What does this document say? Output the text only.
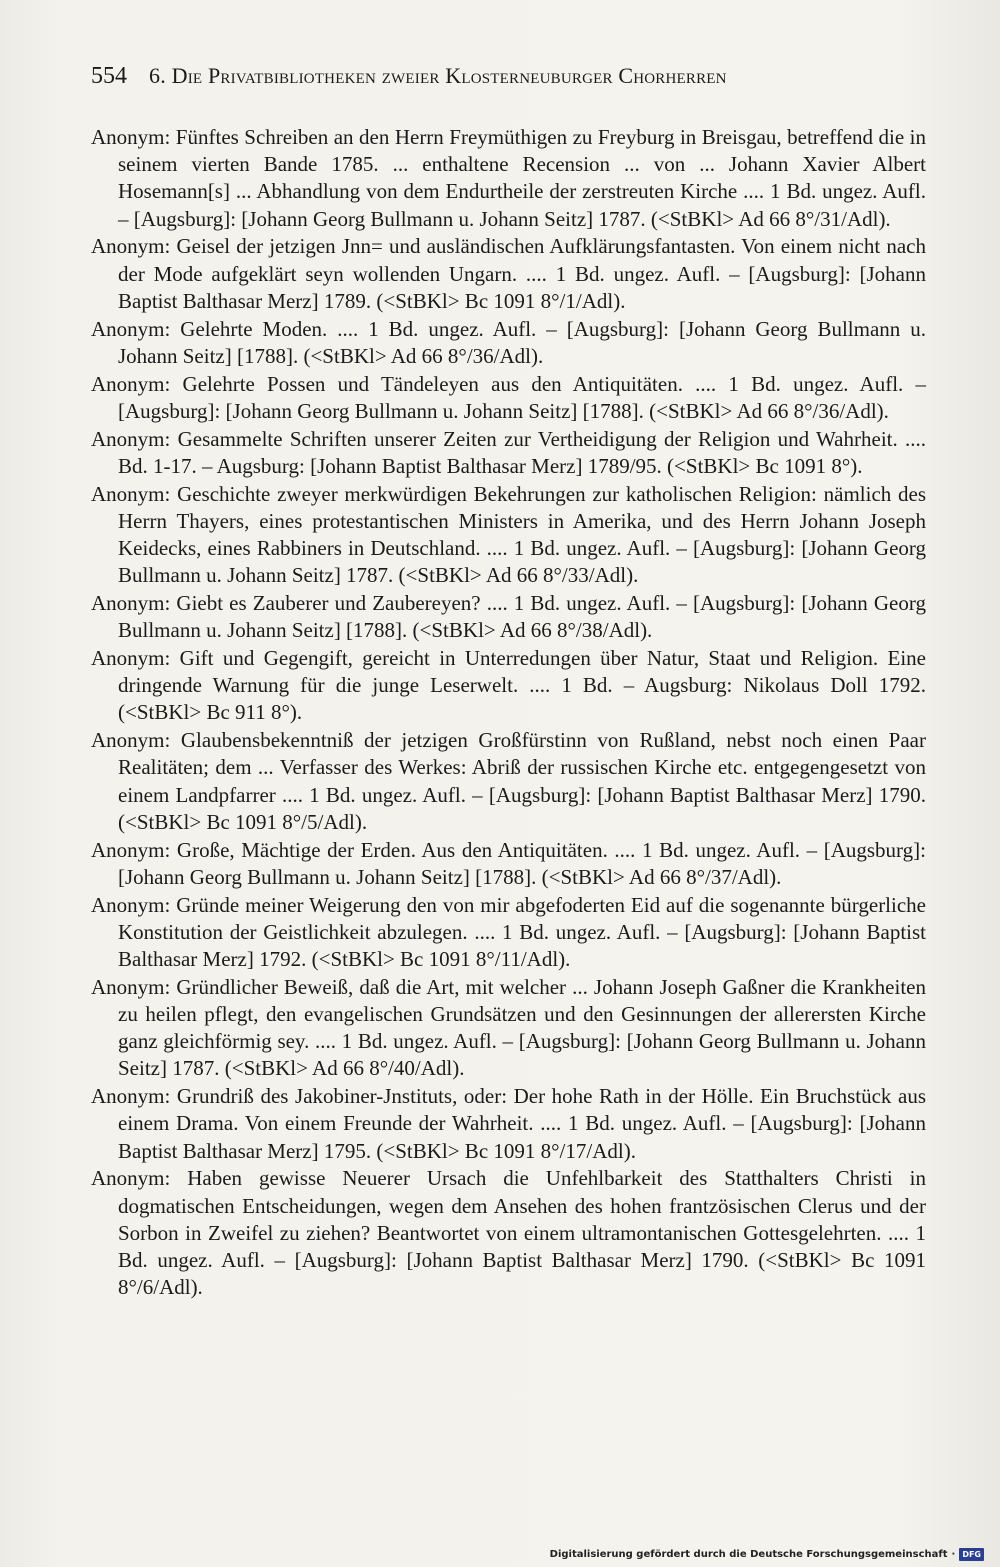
554 6. Die Privatbibliotheken zweier Klosterneuburger Chorherren
Anonym: Fünftes Schreiben an den Herrn Freymüthigen zu Freyburg in Breisgau, betreffend die in seinem vierten Bande 1785. ... enthaltene Recension ... von ... Johann Xavier Albert Hosemann[s] ... Abhandlung von dem Endurtheile der zerstreuten Kirche .... 1 Bd. ungez. Aufl. – [Augsburg]: [Johann Georg Bullmann u. Johann Seitz] 1787. (<StBKl> Ad 66 8°/31/Adl).
Anonym: Geisel der jetzigen Jnn= und ausländischen Aufklärungsfantasten. Von einem nicht nach der Mode aufgeklärt seyn wollenden Ungarn. .... 1 Bd. ungez. Aufl. – [Augsburg]: [Johann Baptist Balthasar Merz] 1789. (<StBKl> Bc 1091 8°/1/Adl).
Anonym: Gelehrte Moden. .... 1 Bd. ungez. Aufl. – [Augsburg]: [Johann Georg Bullmann u. Johann Seitz] [1788]. (<StBKl> Ad 66 8°/36/Adl).
Anonym: Gelehrte Possen und Tändeleyen aus den Antiquitäten. .... 1 Bd. ungez. Aufl. – [Augsburg]: [Johann Georg Bullmann u. Johann Seitz] [1788]. (<StBKl> Ad 66 8°/36/Adl).
Anonym: Gesammelte Schriften unserer Zeiten zur Vertheidigung der Religion und Wahrheit. .... Bd. 1-17. – Augsburg: [Johann Baptist Balthasar Merz] 1789/95. (<StBKl> Bc 1091 8°).
Anonym: Geschichte zweyer merkwürdigen Bekehrungen zur katholischen Religion: nämlich des Herrn Thayers, eines protestantischen Ministers in Amerika, und des Herrn Johann Joseph Keidecks, eines Rabbiners in Deutschland. .... 1 Bd. ungez. Aufl. – [Augsburg]: [Johann Georg Bullmann u. Johann Seitz] 1787. (<StBKl> Ad 66 8°/33/Adl).
Anonym: Giebt es Zauberer und Zaubereyen? .... 1 Bd. ungez. Aufl. – [Augsburg]: [Johann Georg Bullmann u. Johann Seitz] [1788]. (<StBKl> Ad 66 8°/38/Adl).
Anonym: Gift und Gegengift, gereicht in Unterredungen über Natur, Staat und Religion. Eine dringende Warnung für die junge Leserwelt. .... 1 Bd. – Augsburg: Nikolaus Doll 1792. (<StBKl> Bc 911 8°).
Anonym: Glaubensbekenntniß der jetzigen Großfürstinn von Rußland, nebst noch einen Paar Realitäten; dem ... Verfasser des Werkes: Abriß der russischen Kirche etc. entgegengesetzt von einem Landpfarrer .... 1 Bd. ungez. Aufl. – [Augsburg]: [Johann Baptist Balthasar Merz] 1790. (<StBKl> Bc 1091 8°/5/Adl).
Anonym: Große, Mächtige der Erden. Aus den Antiquitäten. .... 1 Bd. ungez. Aufl. – [Augsburg]: [Johann Georg Bullmann u. Johann Seitz] [1788]. (<StBKl> Ad 66 8°/37/Adl).
Anonym: Gründe meiner Weigerung den von mir abgefoderten Eid auf die sogenannte bürgerliche Konstitution der Geistlichkeit abzulegen. .... 1 Bd. ungez. Aufl. – [Augsburg]: [Johann Baptist Balthasar Merz] 1792. (<StBKl> Bc 1091 8°/11/Adl).
Anonym: Gründlicher Beweiß, daß die Art, mit welcher ... Johann Joseph Gaßner die Krankheiten zu heilen pflegt, den evangelischen Grundsätzen und den Gesinnungen der allerersten Kirche ganz gleichförmig sey. .... 1 Bd. ungez. Aufl. – [Augsburg]: [Johann Georg Bullmann u. Johann Seitz] 1787. (<StBKl> Ad 66 8°/40/Adl).
Anonym: Grundriß des Jakobiner-Jnstituts, oder: Der hohe Rath in der Hölle. Ein Bruchstück aus einem Drama. Von einem Freunde der Wahrheit. .... 1 Bd. ungez. Aufl. – [Augsburg]: [Johann Baptist Balthasar Merz] 1795. (<StBKl> Bc 1091 8°/17/Adl).
Anonym: Haben gewisse Neuerer Ursach die Unfehlbarkeit des Statthalters Christi in dogmatischen Entscheidungen, wegen dem Ansehen des hohen frantzösischen Clerus und der Sorbon in Zweifel zu ziehen? Beantwortet von einem ultramontanischen Gottesgelehrten. .... 1 Bd. ungez. Aufl. – [Augsburg]: [Johann Baptist Balthasar Merz] 1790. (<StBKl> Bc 1091 8°/6/Adl).
Digitalisierung gefördert durch die Deutsche Forschungsgemeinschaft · DFG
